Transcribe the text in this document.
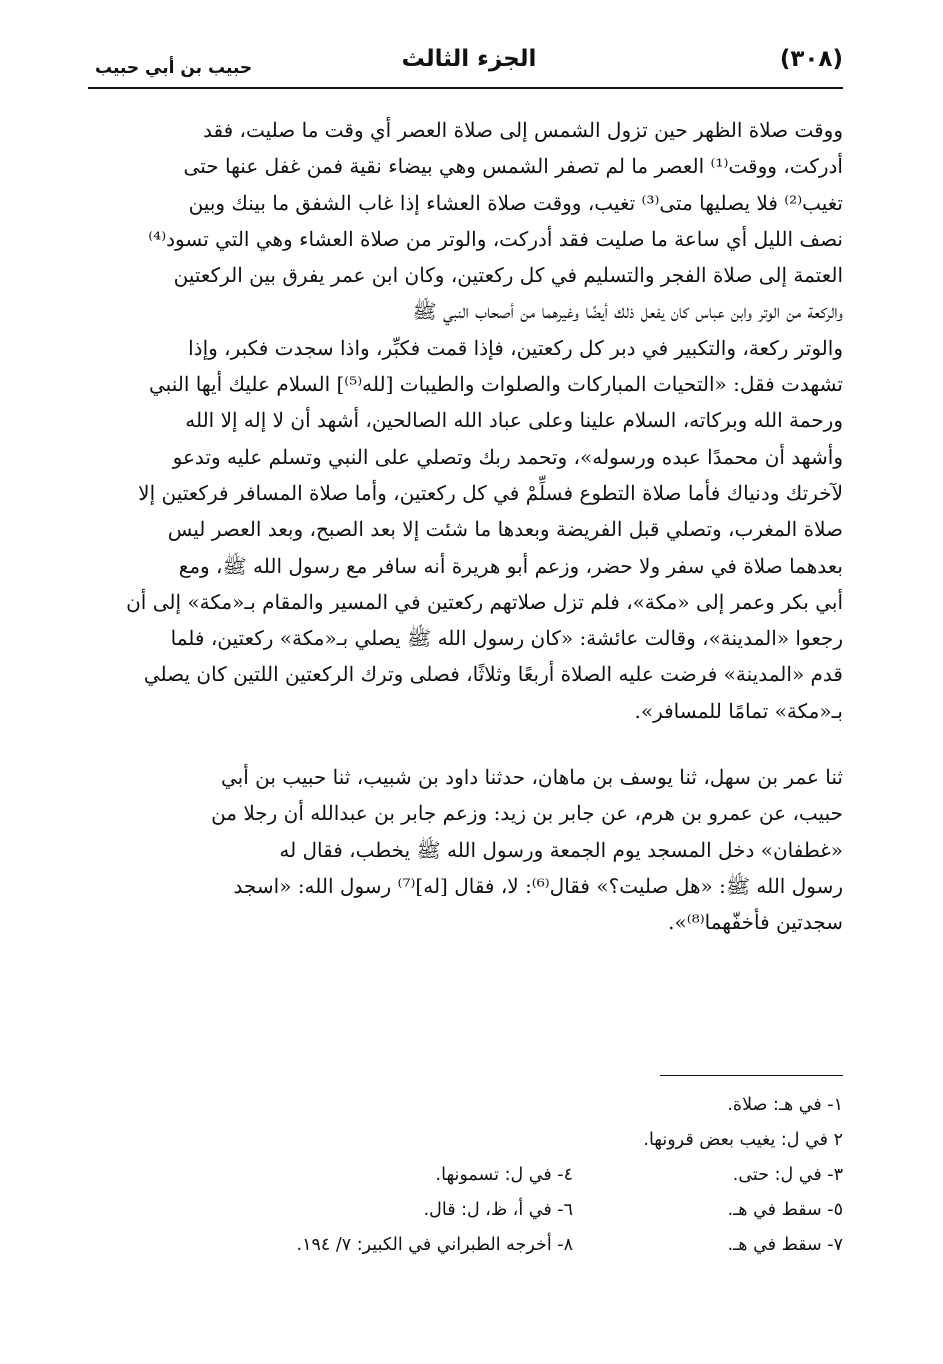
(٣٠٨)
الجزء الثالث
حبيب بن أبي حبيب

ووقت صلاة الظهر حين تزول الشمس إلى صلاة العصر أي وقت ما صليت، فقد

أدركت، ووقت⁽¹⁾ العصر ما لم تصفر الشمس وهي بيضاء نقية فمن غفل عنها حتى

تغيب⁽²⁾ فلا يصليها متى⁽³⁾ تغيب، ووقت صلاة العشاء إذا غاب الشفق ما بينك وبين

نصف الليل أي ساعة ما صليت فقد أدركت، والوتر من صلاة العشاء وهي التي تسود⁽⁴⁾

العتمة إلى صلاة الفجر والتسليم في كل ركعتين، وكان ابن عمر يفرق بين الركعتين

والركعة من الوتر وابن عباس كان يفعل ذلك أيضًا وغيرهما من أصحاب النبي ﷺ

والوتر ركعة، والتكبير في دبر كل ركعتين، فإذا قمت فكبِّر، واذا سجدت فكبر، وإذا

تشهدت فقل: «التحيات المباركات والصلوات والطيبات [لله⁽⁵⁾] السلام عليك أيها النبي

ورحمة الله وبركاته، السلام علينا وعلى عباد الله الصالحين، أشهد أن لا إله إلا الله

وأشهد أن محمدًا عبده ورسوله»، وتحمد ربك وتصلي على النبي وتسلم عليه وتدعو

لآخرتك ودنياك فأما صلاة التطوع فسلِّمْ في كل ركعتين، وأما صلاة المسافر فركعتين إلا

صلاة المغرب، وتصلي قبل الفريضة وبعدها ما شئت إلا بعد الصبح، وبعد العصر ليس

بعدهما صلاة في سفر ولا حضر، وزعم أبو هريرة أنه سافر مع رسول الله ﷺ، ومع

أبي بكر وعمر إلى «مكة»، فلم تزل صلاتهم ركعتين في المسير والمقام بـ«مكة» إلى أن

رجعوا «المدينة»، وقالت عائشة: «كان رسول الله ﷺ يصلي بـ«مكة» ركعتين، فلما

قدم «المدينة» فرضت عليه الصلاة أربعًا وثلاثًا، فصلى وترك الركعتين اللتين كان يصلي

بـ«مكة» تمامًا للمسافر».

ثنا عمر بن سهل، ثنا يوسف بن ماهان، حدثنا داود بن شبيب، ثنا حبيب بن أبي

حبيب، عن عمرو بن هرم، عن جابر بن زيد: وزعم جابر بن عبدالله أن رجلا من

«غطفان» دخل المسجد يوم الجمعة ورسول الله ﷺ يخطب، فقال له

رسول الله ﷺ: «هل صليت؟» فقال⁽⁶⁾: لا، فقال [له]⁽⁷⁾ رسول الله: «اسجد

سجدتين فأخفّهما⁽⁸⁾».

١- في هـ: صلاة.
٢ في ل: يغيب بعض قرونها.
٣- في ل: حتى.
٤- في ل: تسمونها.
٥- سقط في هـ.
٦- في أ، ظ، ل: قال.
٧- سقط في هـ.
٨- أخرجه الطبراني في الكبير: ٧/ ١٩٤.
